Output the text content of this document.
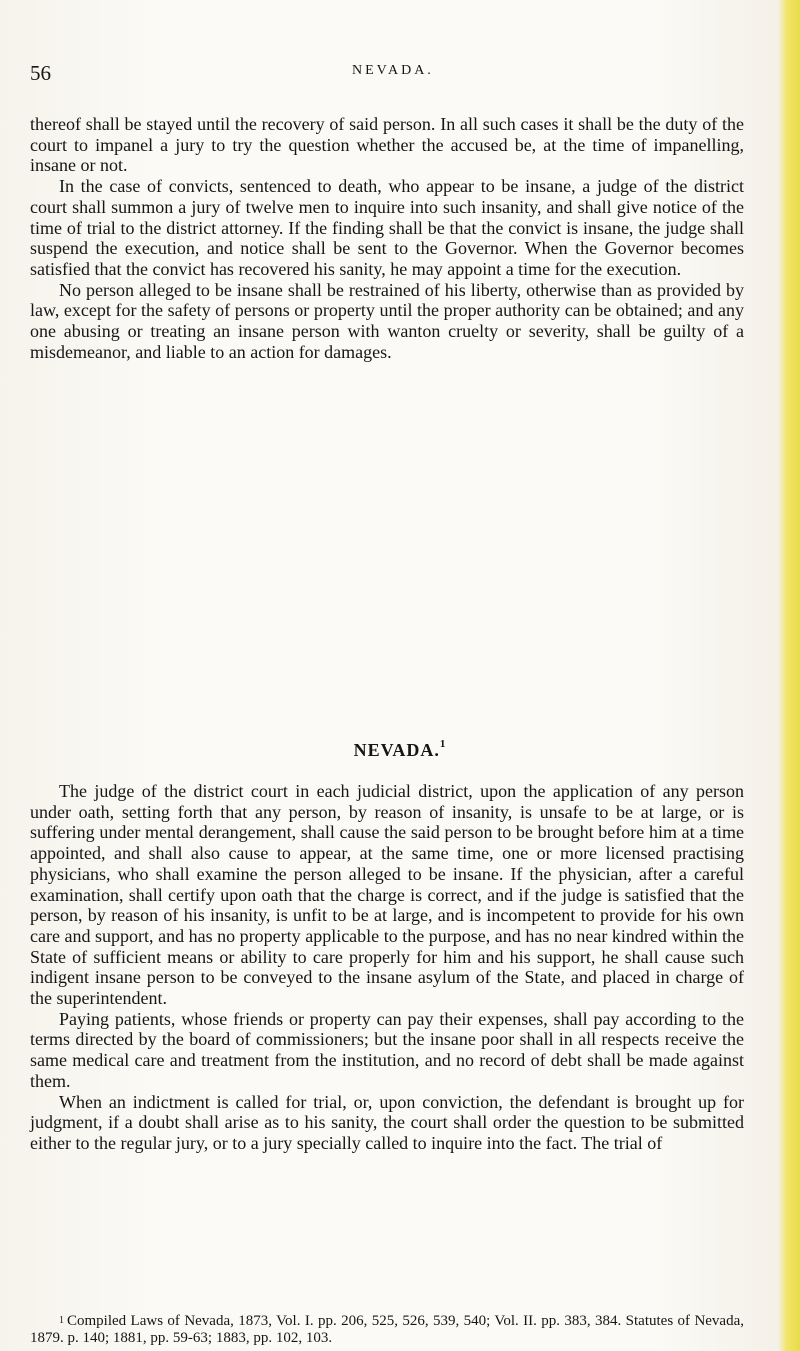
56	NEVADA.

thereof shall be stayed until the recovery of said person. In all such cases it shall be the duty of the court to impanel a jury to try the question whether the accused be, at the time of impanelling, insane or not.

In the case of convicts, sentenced to death, who appear to be insane, a judge of the district court shall summon a jury of twelve men to inquire into such insanity, and shall give notice of the time of trial to the district attorney. If the finding shall be that the convict is insane, the judge shall suspend the execution, and notice shall be sent to the Governor. When the Governor becomes satisfied that the convict has recovered his sanity, he may appoint a time for the execution.

No person alleged to be insane shall be restrained of his liberty, otherwise than as provided by law, except for the safety of persons or property until the proper authority can be obtained; and any one abusing or treating an insane person with wanton cruelty or severity, shall be guilty of a misdemeanor, and liable to an action for damages.

NEVADA.$^1$

The judge of the district court in each judicial district, upon the application of any person under oath, setting forth that any person, by reason of insanity, is unsafe to be at large, or is suffering under mental derangement, shall cause the said person to be brought before him at a time appointed, and shall also cause to appear, at the same time, one or more licensed practising physicians, who shall examine the person alleged to be insane. If the physician, after a careful examination, shall certify upon oath that the charge is correct, and if the judge is satisfied that the person, by reason of his insanity, is unfit to be at large, and is incompetent to provide for his own care and support, and has no property applicable to the purpose, and has no near kindred within the State of sufficient means or ability to care properly for him and his support, he shall cause such indigent insane person to be conveyed to the insane asylum of the State, and placed in charge of the superintendent.

Paying patients, whose friends or property can pay their expenses, shall pay according to the terms directed by the board of commissioners; but the insane poor shall in all respects receive the same medical care and treatment from the institution, and no record of debt shall be made against them.

When an indictment is called for trial, or, upon conviction, the defendant is brought up for judgment, if a doubt shall arise as to his sanity, the court shall order the question to be submitted either to the regular jury, or to a jury specially called to inquire into the fact. The trial of

$^1$ Compiled Laws of Nevada, 1873, Vol. I. pp. 206, 525, 526, 539, 540; Vol. II. pp. 383, 384. Statutes of Nevada, 1879. p. 140; 1881, pp. 59-63; 1883, pp. 102, 103.
